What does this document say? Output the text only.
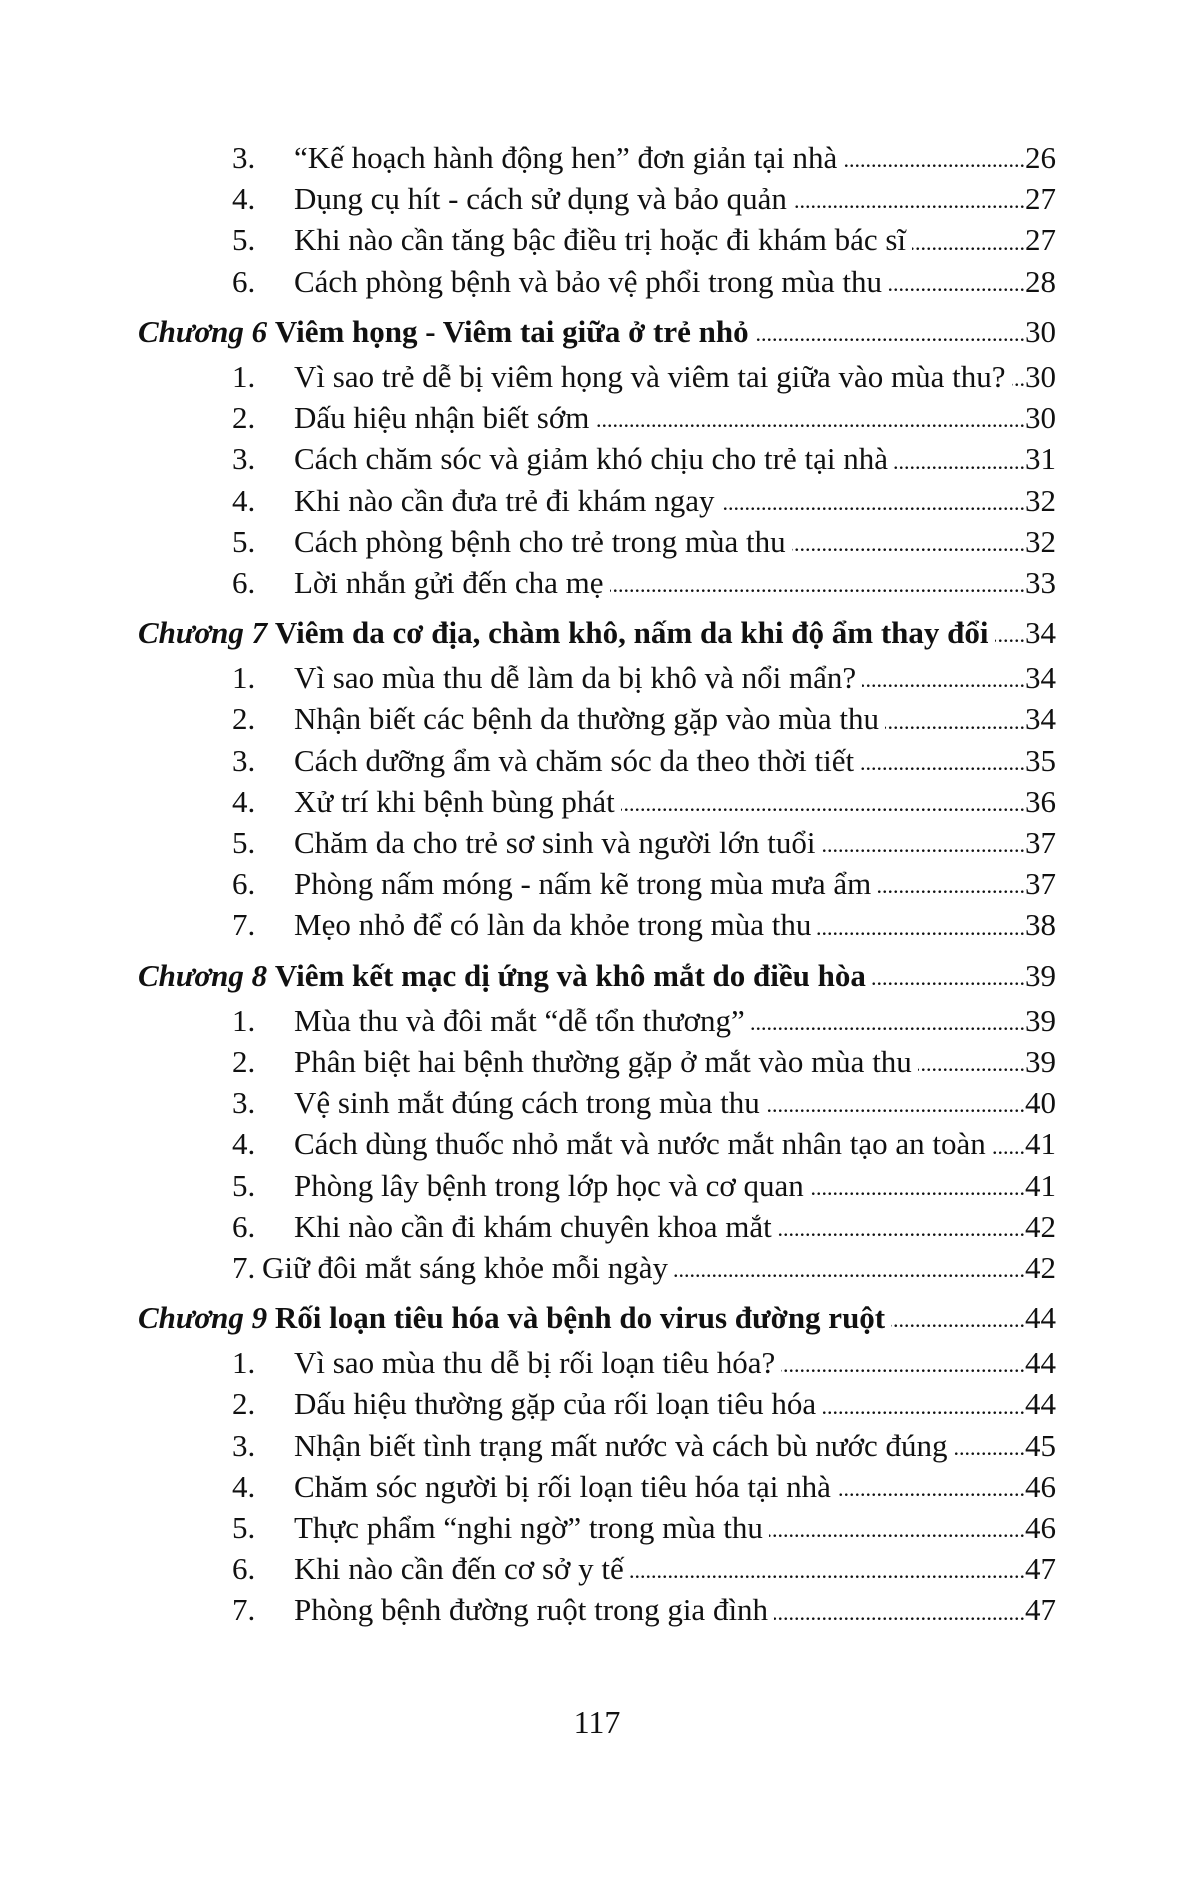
3.	“Kế hoạch hành động hen” đơn giản tại nhà .....	26
4.	Dụng cụ hít - cách sử dụng và bảo quản .....	27
5.	Khi nào cần tăng bậc điều trị hoặc đi khám bác sĩ .....	27
6.	Cách phòng bệnh và bảo vệ phổi trong mùa thu .....	28
Chương 6 Viêm họng - Viêm tai giữa ở trẻ nhỏ .....	30
1.	Vì sao trẻ dễ bị viêm họng và viêm tai giữa vào mùa thu? ..... 30
2.	Dấu hiệu nhận biết sớm .....	30
3.	Cách chăm sóc và giảm khó chịu cho trẻ tại nhà .....	31
4.	Khi nào cần đưa trẻ đi khám ngay .....	32
5.	Cách phòng bệnh cho trẻ trong mùa thu .....	32
6.	Lời nhắn gửi đến cha mẹ .....	33
Chương 7 Viêm da cơ địa, chàm khô, nấm da khi độ ẩm thay đổi ..... 34
1.	Vì sao mùa thu dễ làm da bị khô và nổi mẩn? .....	34
2.	Nhận biết các bệnh da thường gặp vào mùa thu .....	34
3.	Cách dưỡng ẩm và chăm sóc da theo thời tiết .....	35
4.	Xử trí khi bệnh bùng phát .....	36
5.	Chăm da cho trẻ sơ sinh và người lớn tuổi .....	37
6.	Phòng nấm móng - nấm kẽ trong mùa mưa ẩm .....	37
7.	Mẹo nhỏ để có làn da khỏe trong mùa thu .....	38
Chương 8 Viêm kết mạc dị ứng và khô mắt do điều hòa .....	39
1.	Mùa thu và đôi mắt “dễ tổn thương” .....	39
2.	Phân biệt hai bệnh thường gặp ở mắt vào mùa thu .....	39
3.	Vệ sinh mắt đúng cách trong mùa thu .....	40
4.	Cách dùng thuốc nhỏ mắt và nước mắt nhân tạo an toàn ..... 41
5.	Phòng lây bệnh trong lớp học và cơ quan .....	41
6.	Khi nào cần đi khám chuyên khoa mắt .....	42
7. Giữ đôi mắt sáng khỏe mỗi ngày .....	42
Chương 9 Rối loạn tiêu hóa và bệnh do virus đường ruột .....	44
1.	Vì sao mùa thu dễ bị rối loạn tiêu hóa? .....	44
2.	Dấu hiệu thường gặp của rối loạn tiêu hóa .....	44
3.	Nhận biết tình trạng mất nước và cách bù nước đúng .....	45
4.	Chăm sóc người bị rối loạn tiêu hóa tại nhà .....	46
5.	Thực phẩm “nghi ngờ” trong mùa thu .....	46
6.	Khi nào cần đến cơ sở y tế .....	47
7.	Phòng bệnh đường ruột trong gia đình .....	47
117
